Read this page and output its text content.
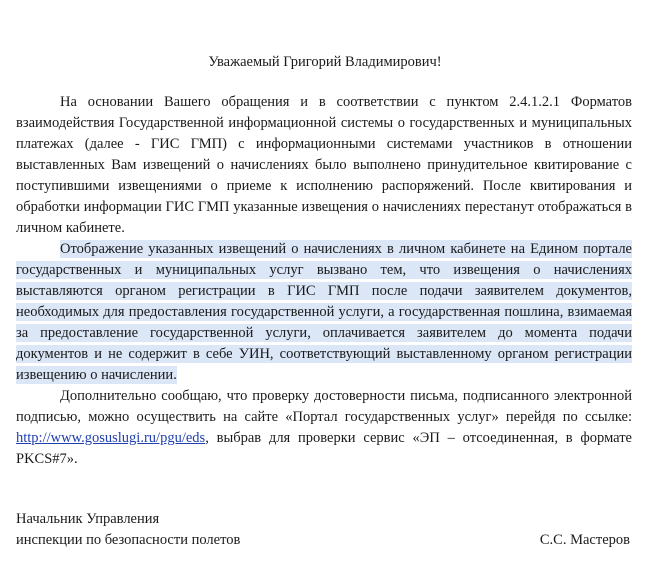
Уважаемый Григорий Владимирович!

На основании Вашего обращения и в соответствии с пунктом 2.4.1.2.1 Форматов взаимодействия Государственной информационной системы о государственных и муниципальных платежах (далее - ГИС ГМП) с информационными системами участников в отношении выставленных Вам извещений о начислениях было выполнено принудительное квитирование с поступившими извещениями о приеме к исполнению распоряжений. После квитирования и обработки информации ГИС ГМП указанные извещения о начислениях перестанут отображаться в личном кабинете.

Отображение указанных извещений о начислениях в личном кабинете на Едином портале государственных и муниципальных услуг вызвано тем, что извещения о начислениях выставляются органом регистрации в ГИС ГМП после подачи заявителем документов, необходимых для предоставления государственной услуги, а государственная пошлина, взимаемая за предоставление государственной услуги, оплачивается заявителем до момента подачи документов и не содержит в себе УИН, соответствующий выставленному органом регистрации извещению о начислении.

Дополнительно сообщаю, что проверку достоверности письма, подписанного электронной подписью, можно осуществить на сайте «Портал государственных услуг» перейдя по ссылке: http://www.gosuslugi.ru/pgu/eds, выбрав для проверки сервис «ЭП – отсоединенная, в формате PKCS#7».

Начальник Управления
инспекции по безопасности полетов	С.С. Мастеров
